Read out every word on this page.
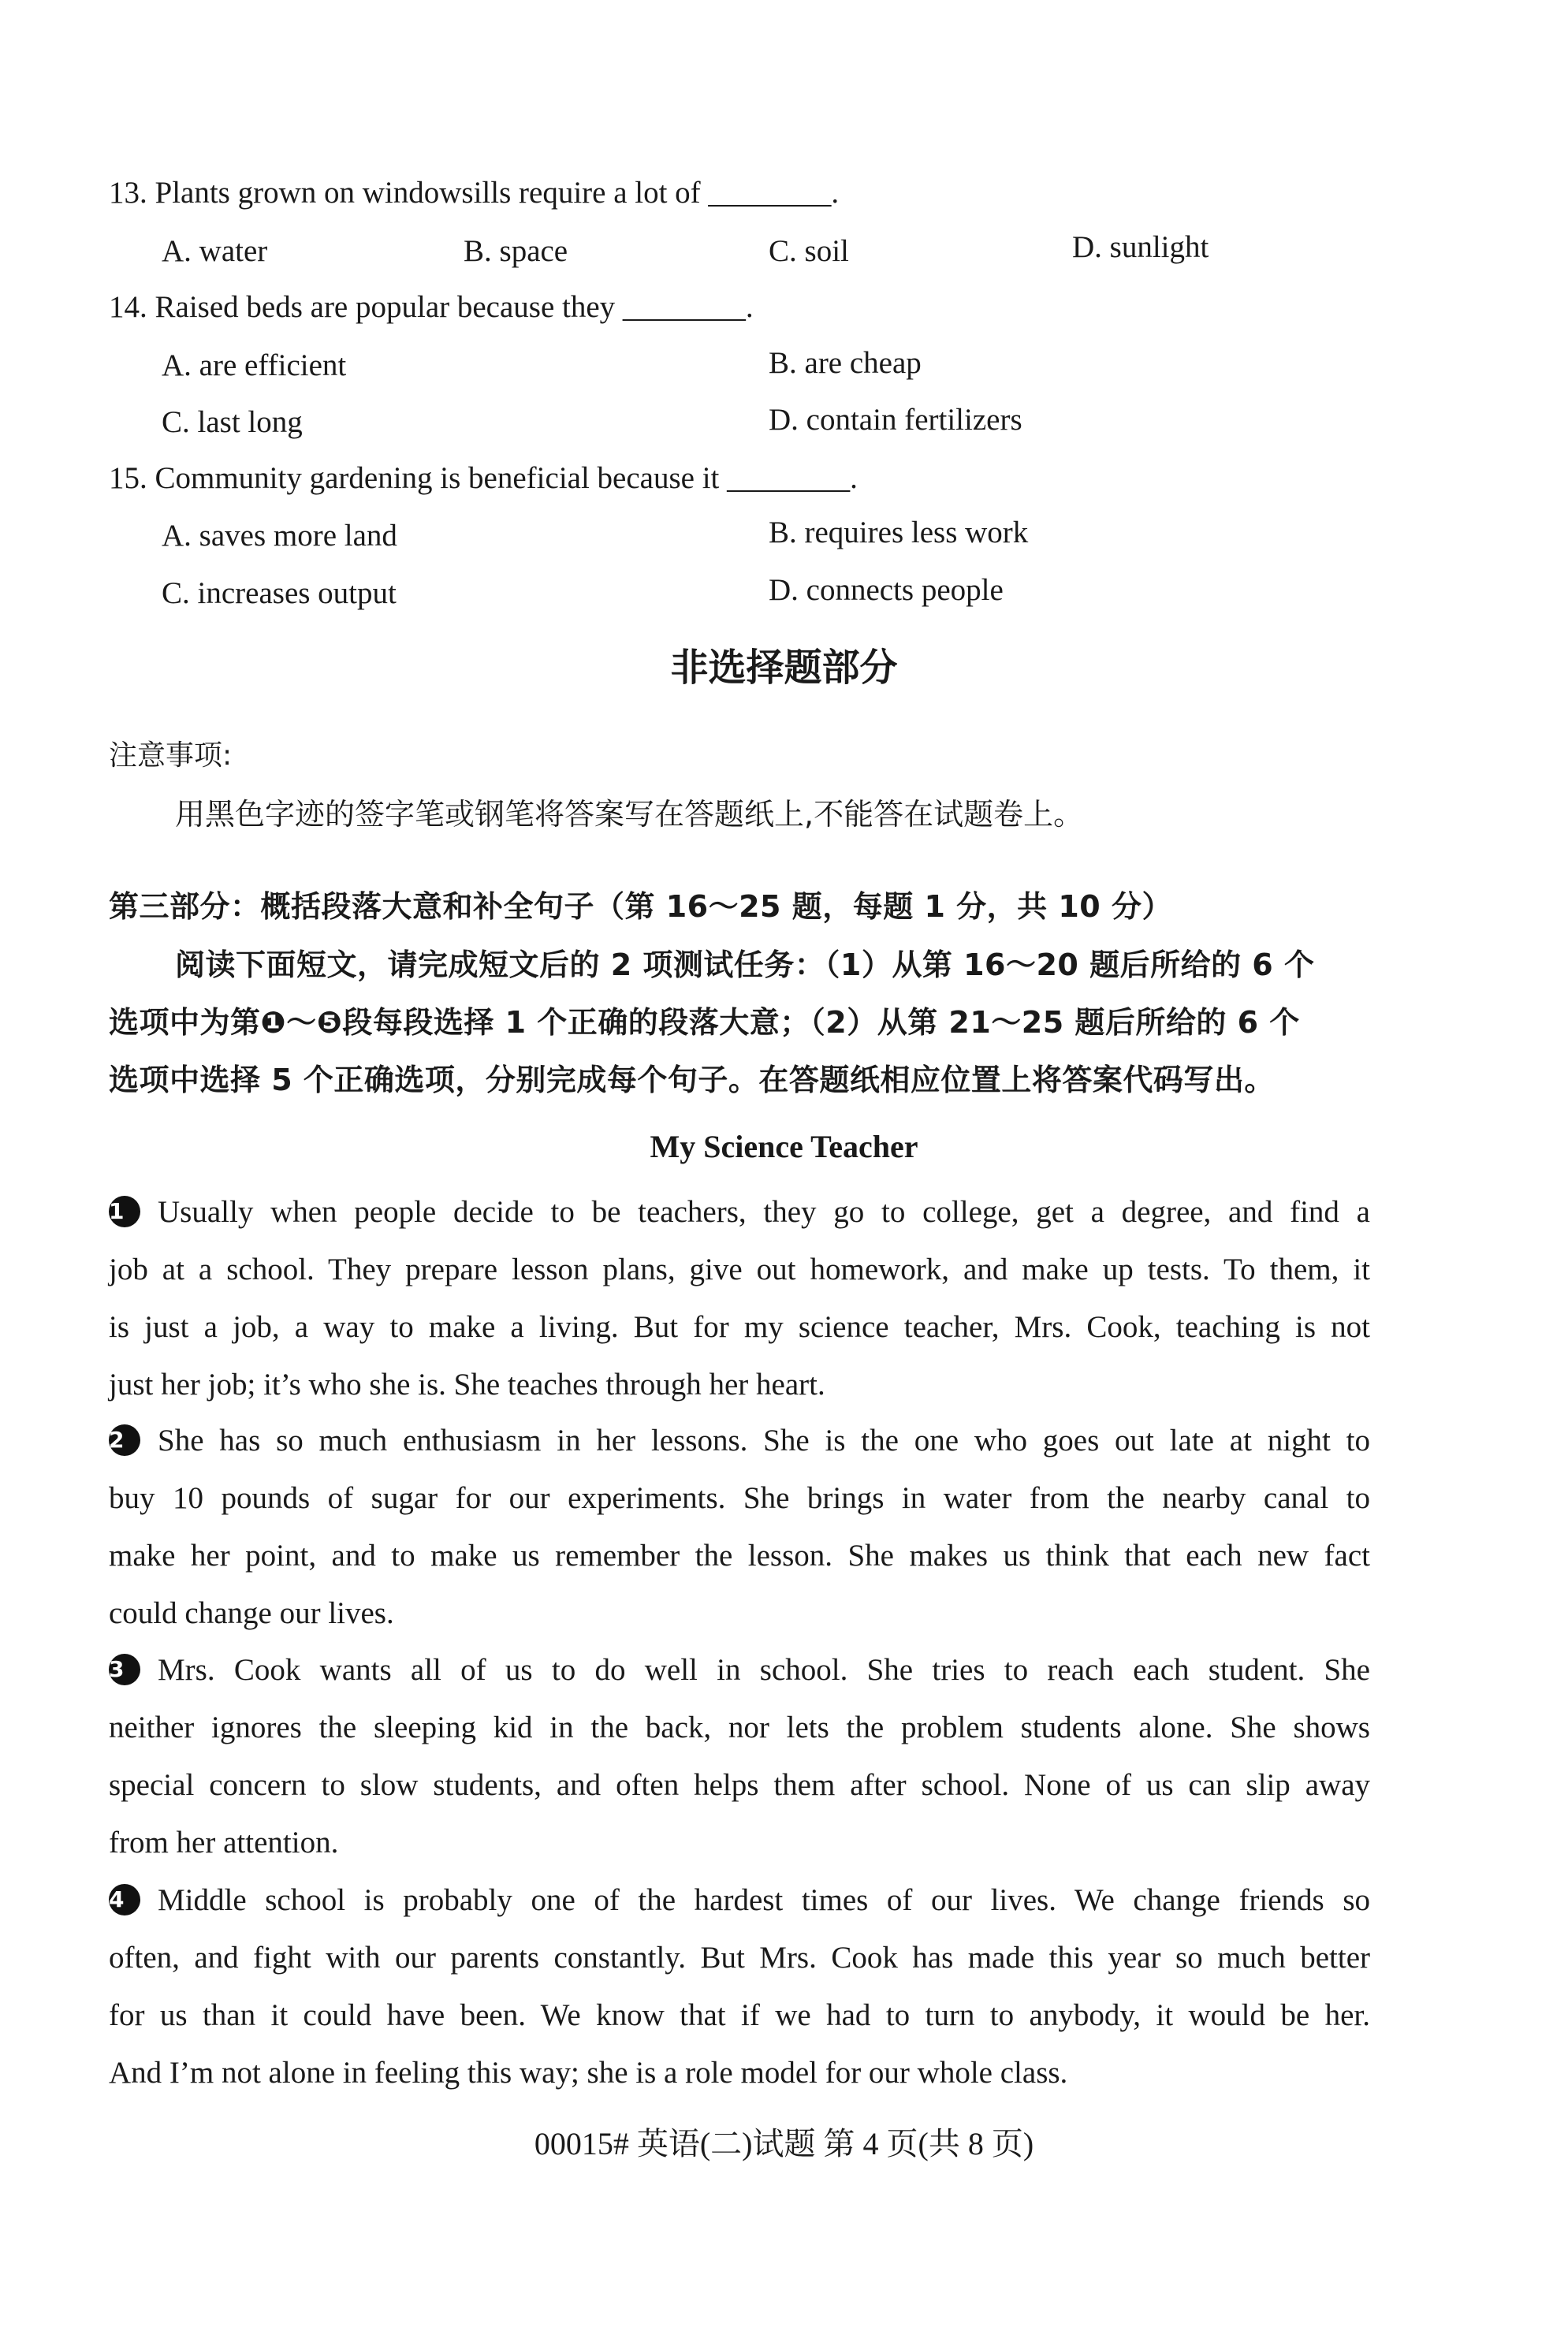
13. Plants grown on windowsills require a lot of ________.
A. water	B. space	C. soil	D. sunlight
14. Raised beds are popular because they ________.
A. are efficient	B. are cheap
C. last long	D. contain fertilizers
15. Community gardening is beneficial because it ________.
A. saves more land	B. requires less work
C. increases output	D. connects people
非选择题部分
注意事项:
用黑色字迹的签字笔或钢笔将答案写在答题纸上,不能答在试题卷上。
第三部分：概括段落大意和补全句子（第 16～25 题，每题 1 分，共 10 分）
阅读下面短文，请完成短文后的 2 项测试任务：（1）从第 16～20 题后所给的 6 个
选项中为第❶～❺段每段选择 1 个正确的段落大意；（2）从第 21～25 题后所给的 6 个
选项中选择 5 个正确选项，分别完成每个句子。在答题纸相应位置上将答案代码写出。
My Science Teacher
1 Usually when people decide to be teachers, they go to college, get a degree, and find a
job at a school. They prepare lesson plans, give out homework, and make up tests. To them, it
is just a job, a way to make a living. But for my science teacher, Mrs. Cook, teaching is not
just her job; it’s who she is. She teaches through her heart.
2 She has so much enthusiasm in her lessons. She is the one who goes out late at night to
buy 10 pounds of sugar for our experiments. She brings in water from the nearby canal to
make her point, and to make us remember the lesson. She makes us think that each new fact
could change our lives.
3 Mrs. Cook wants all of us to do well in school. She tries to reach each student. She
neither ignores the sleeping kid in the back, nor lets the problem students alone. She shows
special concern to slow students, and often helps them after school. None of us can slip away
from her attention.
4 Middle school is probably one of the hardest times of our lives. We change friends so
often, and fight with our parents constantly. But Mrs. Cook has made this year so much better
for us than it could have been. We know that if we had to turn to anybody, it would be her.
And I’m not alone in feeling this way; she is a role model for our whole class.
00015# 英语(二)试题 第 4 页(共 8 页)
